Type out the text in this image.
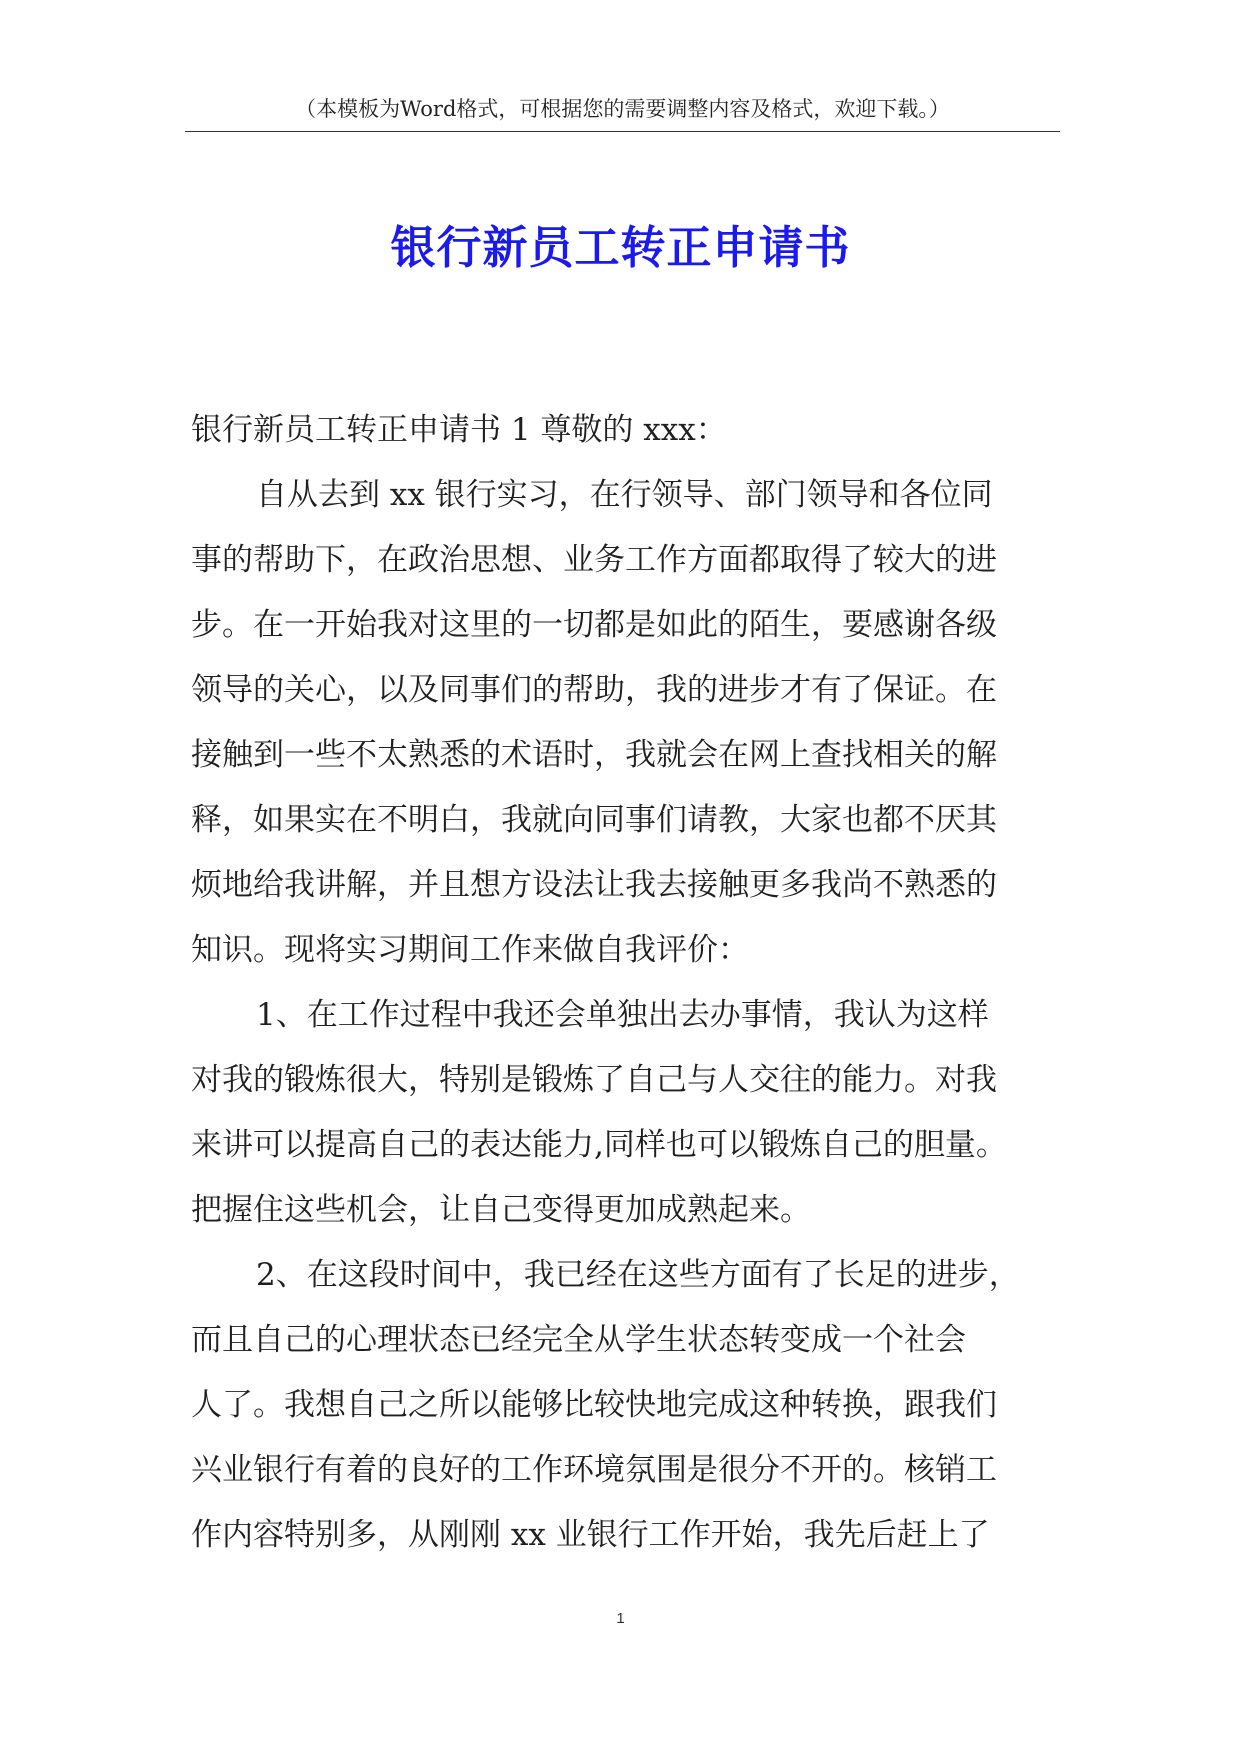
（本模板为Word格式，可根据您的需要调整内容及格式，欢迎下载。）
银行新员工转正申请书
银行新员工转正申请书 1 尊敬的 xxx：
自从去到 xx 银行实习，在行领导、部门领导和各位同
事的帮助下，在政治思想、业务工作方面都取得了较大的进
步。在一开始我对这里的一切都是如此的陌生，要感谢各级
领导的关心，以及同事们的帮助，我的进步才有了保证。在
接触到一些不太熟悉的术语时，我就会在网上查找相关的解
释，如果实在不明白，我就向同事们请教，大家也都不厌其
烦地给我讲解，并且想方设法让我去接触更多我尚不熟悉的
知识。现将实习期间工作来做自我评价：
1、在工作过程中我还会单独出去办事情，我认为这样
对我的锻炼很大，特别是锻炼了自己与人交往的能力。对我
来讲可以提高自己的表达能力,同样也可以锻炼自己的胆量。
把握住这些机会，让自己变得更加成熟起来。
2、在这段时间中，我已经在这些方面有了长足的进步，
而且自己的心理状态已经完全从学生状态转变成一个社会
人了。我想自己之所以能够比较快地完成这种转换，跟我们
兴业银行有着的良好的工作环境氛围是很分不开的。核销工
作内容特别多，从刚刚 xx 业银行工作开始，我先后赶上了
1
